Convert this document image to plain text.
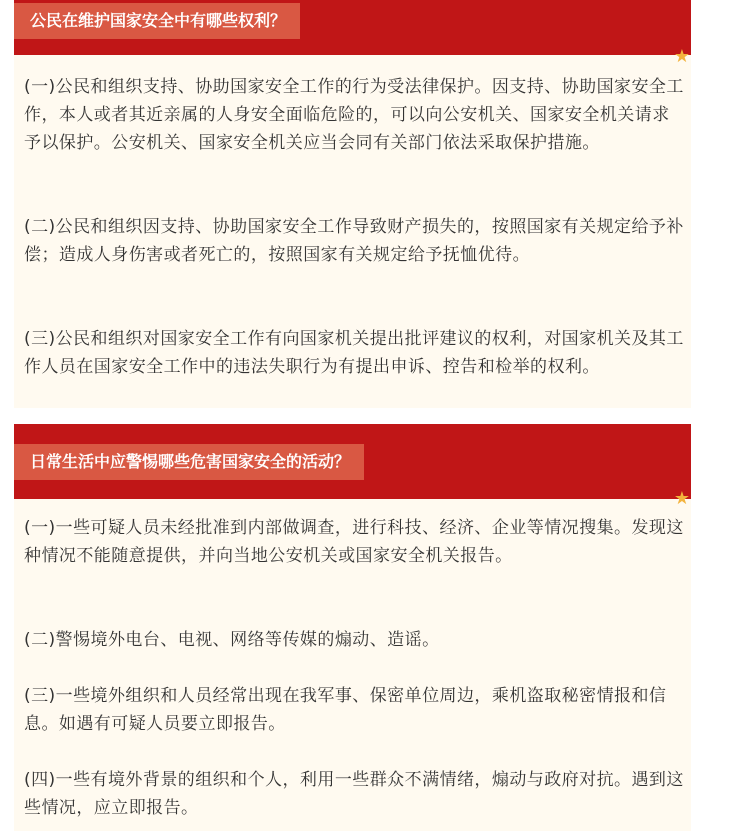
公民在维护国家安全中有哪些权利？
★

(一)公民和组织支持、协助国家安全工作的行为受法律保护。因支持、协助国家安全工作，本人或者其近亲属的人身安全面临危险的，可以向公安机关、国家安全机关请求予以保护。公安机关、国家安全机关应当会同有关部门依法采取保护措施。

(二)公民和组织因支持、协助国家安全工作导致财产损失的，按照国家有关规定给予补偿；造成人身伤害或者死亡的，按照国家有关规定给予抚恤优待。

(三)公民和组织对国家安全工作有向国家机关提出批评建议的权利，对国家机关及其工作人员在国家安全工作中的违法失职行为有提出申诉、控告和检举的权利。

日常生活中应警惕哪些危害国家安全的活动？
★

(一)一些可疑人员未经批准到内部做调查，进行科技、经济、企业等情况搜集。发现这种情况不能随意提供，并向当地公安机关或国家安全机关报告。

(二)警惕境外电台、电视、网络等传媒的煽动、造谣。

(三)一些境外组织和人员经常出现在我军事、保密单位周边，乘机盗取秘密情报和信息。如遇有可疑人员要立即报告。

(四)一些有境外背景的组织和个人，利用一些群众不满情绪，煽动与政府对抗。遇到这些情况，应立即报告。
